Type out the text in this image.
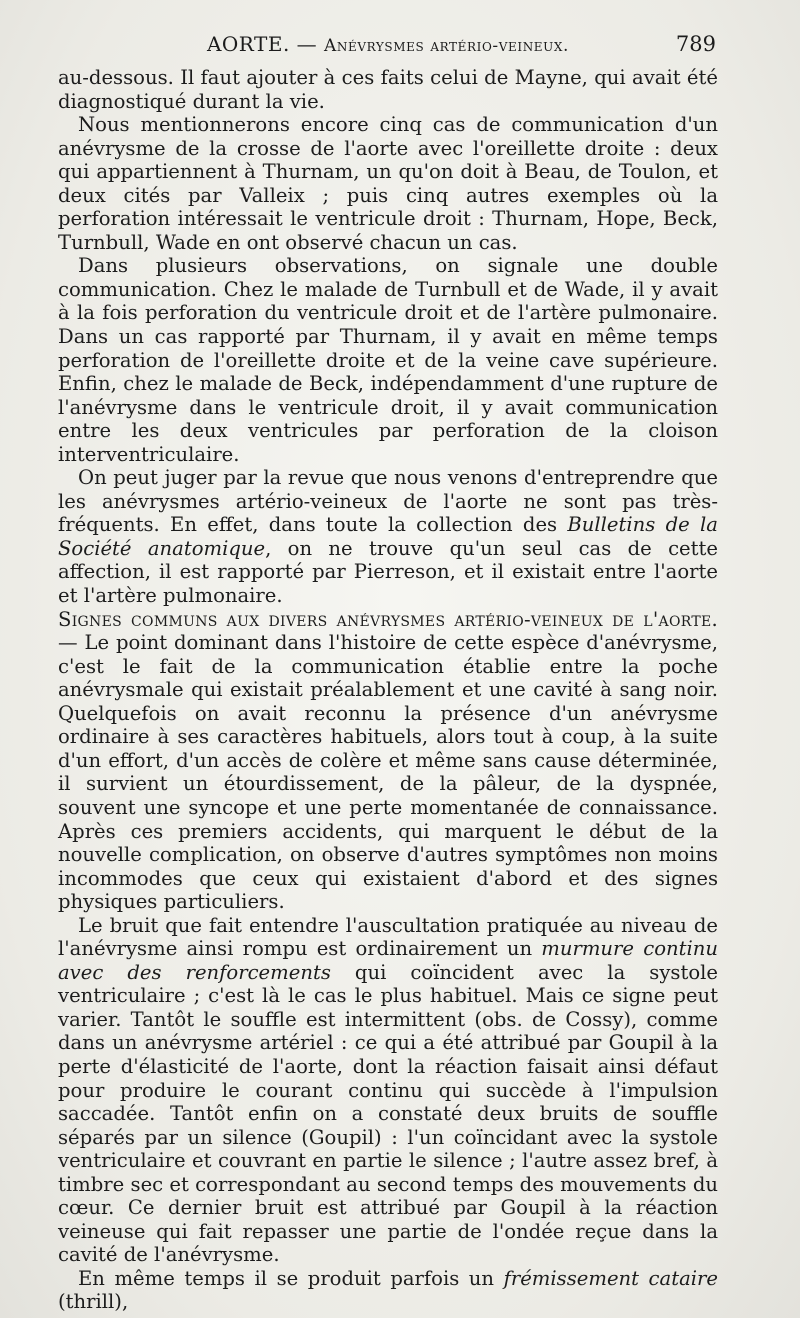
AORTE. — Anévrysmes artério-veineux.	789

au-dessous. Il faut ajouter à ces faits celui de Mayne, qui avait été diagnostiqué durant la vie.

Nous mentionnerons encore cinq cas de communication d'un anévrysme de la crosse de l'aorte avec l'oreillette droite : deux qui appartiennent à Thurnam, un qu'on doit à Beau, de Toulon, et deux cités par Valleix ; puis cinq autres exemples où la perforation intéressait le ventricule droit : Thurnam, Hope, Beck, Turnbull, Wade en ont observé chacun un cas.

Dans plusieurs observations, on signale une double communication. Chez le malade de Turnbull et de Wade, il y avait à la fois perforation du ventricule droit et de l'artère pulmonaire. Dans un cas rapporté par Thurnam, il y avait en même temps perforation de l'oreillette droite et de la veine cave supérieure. Enfin, chez le malade de Beck, indépendamment d'une rupture de l'anévrysme dans le ventricule droit, il y avait communication entre les deux ventricules par perforation de la cloison interventriculaire.

On peut juger par la revue que nous venons d'entreprendre que les anévrysmes artério-veineux de l'aorte ne sont pas très-fréquents. En effet, dans toute la collection des Bulletins de la Société anatomique, on ne trouve qu'un seul cas de cette affection, il est rapporté par Pierreson, et il existait entre l'aorte et l'artère pulmonaire.

Signes communs aux divers anévrysmes artério-veineux de l'aorte. — Le point dominant dans l'histoire de cette espèce d'anévrysme, c'est le fait de la communication établie entre la poche anévrysmale qui existait préalablement et une cavité à sang noir. Quelquefois on avait reconnu la présence d'un anévrysme ordinaire à ses caractères habituels, alors tout à coup, à la suite d'un effort, d'un accès de colère et même sans cause déterminée, il survient un étourdissement, de la pâleur, de la dyspnée, souvent une syncope et une perte momentanée de connaissance. Après ces premiers accidents, qui marquent le début de la nouvelle complication, on observe d'autres symptômes non moins incommodes que ceux qui existaient d'abord et des signes physiques particuliers.

Le bruit que fait entendre l'auscultation pratiquée au niveau de l'anévrysme ainsi rompu est ordinairement un murmure continu avec des renforcements qui coïncident avec la systole ventriculaire ; c'est là le cas le plus habituel. Mais ce signe peut varier. Tantôt le souffle est intermittent (obs. de Cossy), comme dans un anévrysme artériel : ce qui a été attribué par Goupil à la perte d'élasticité de l'aorte, dont la réaction faisait ainsi défaut pour produire le courant continu qui succède à l'impulsion saccadée. Tantôt enfin on a constaté deux bruits de souffle séparés par un silence (Goupil) : l'un coïncidant avec la systole ventriculaire et couvrant en partie le silence ; l'autre assez bref, à timbre sec et correspondant au second temps des mouvements du cœur. Ce dernier bruit est attribué par Goupil à la réaction veineuse qui fait repasser une partie de l'ondée reçue dans la cavité de l'anévrysme.

En même temps il se produit parfois un frémissement cataire (thrill),
